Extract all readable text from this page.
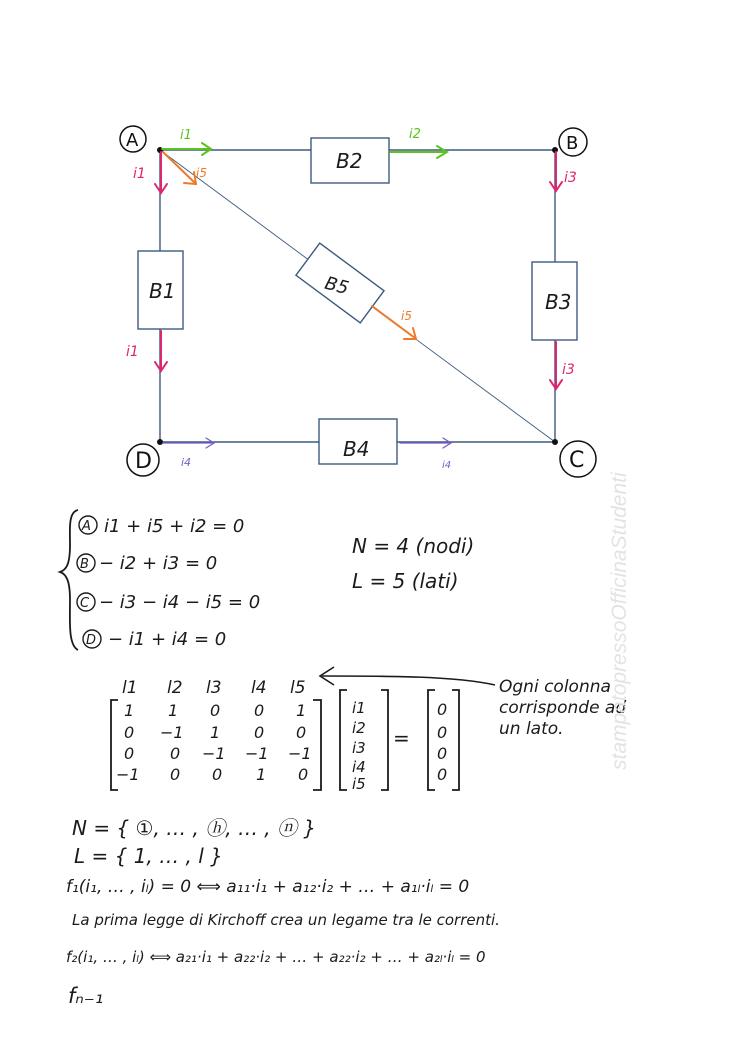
B2
B1	B3
B4
B5
A	B
C
D
i1	i2
i1
i1
i3
i3
i5
i5
i4	i4
A
B
C
D
i1 + i5 + i2 = 0
− i2 + i3 = 0
− i3 − i4 − i5 = 0
− i1 + i4 = 0
N = 4 (nodi)
L = 5 (lati)
l1 l2 l3 l4 l5
1 1 0 0 1
0 −1 1 0 0
0 0 −1 −1 −1
−1 0 0 1 0
i1
i2
i3
i4
i5
=
0
0
0
0
Ogni colonna
corrisponde ad
un lato. stampatopressoOfficinaStudenti
N = { ①, … , ⓗ, … , ⓝ }
L = { 1, … , l }
f₁(i₁, … , iₗ) = 0 ⟺ a₁₁·i₁ + a₁₂·i₂ + … + a₁ₗ·iₗ = 0
La prima legge di Kirchoff crea un legame tra le correnti.
f₂(i₁, … , iₗ) ⟺ a₂₁·i₁ + a₂₂·i₂ + … + a₂₂·i₂ + … + a₂ₗ·iₗ = 0
fₙ₋₁
